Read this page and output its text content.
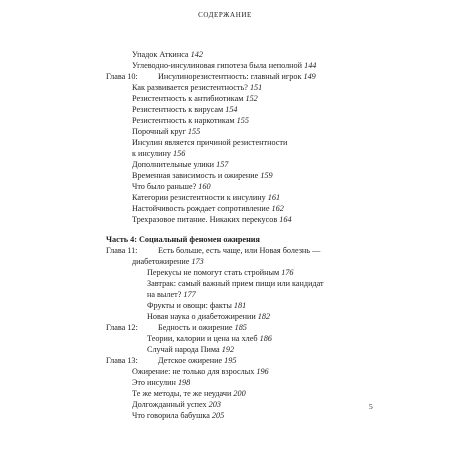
СОДЕРЖАНИЕ
Упадок Аткинса 142
Углеводно-инсулиновая гипотеза была неполной 144
Глава 10: Инсулинорезистентность: главный игрок 149
Как развивается резистентность? 151
Резистентность к антибиотикам 152
Резистентность к вирусам 154
Резистентность к наркотикам 155
Порочный круг 155
Инсулин является причиной резистентности
к инсулину 156
Дополнительные улики 157
Временная зависимость и ожирение 159
Что было раньше? 160
Категории резистентности к инсулину 161
Настойчивость рождает сопротивление 162
Трехразовое питание. Никаких перекусов 164
Часть 4: Социальный феномен ожирения
Глава 11:	Есть больше, есть чаще, или Новая болезнь —
диабетожирение 173
Перекусы не помогут стать стройным 176
Завтрак: самый важный прием пищи или кандидат
на вылет? 177
Фрукты и овощи: факты 181
Новая наука о диабетожирении 182
Глава 12: Бедность и ожирение 185
Теории, калории и цена на хлеб 186
Случай народа Пима 192
Глава 13: Детское ожирение 195
Ожирение: не только для взрослых 196
Это инсулин 198
Те же методы, те же неудачи 200
Долгожданный успех 203
Что говорила бабушка 205
5
